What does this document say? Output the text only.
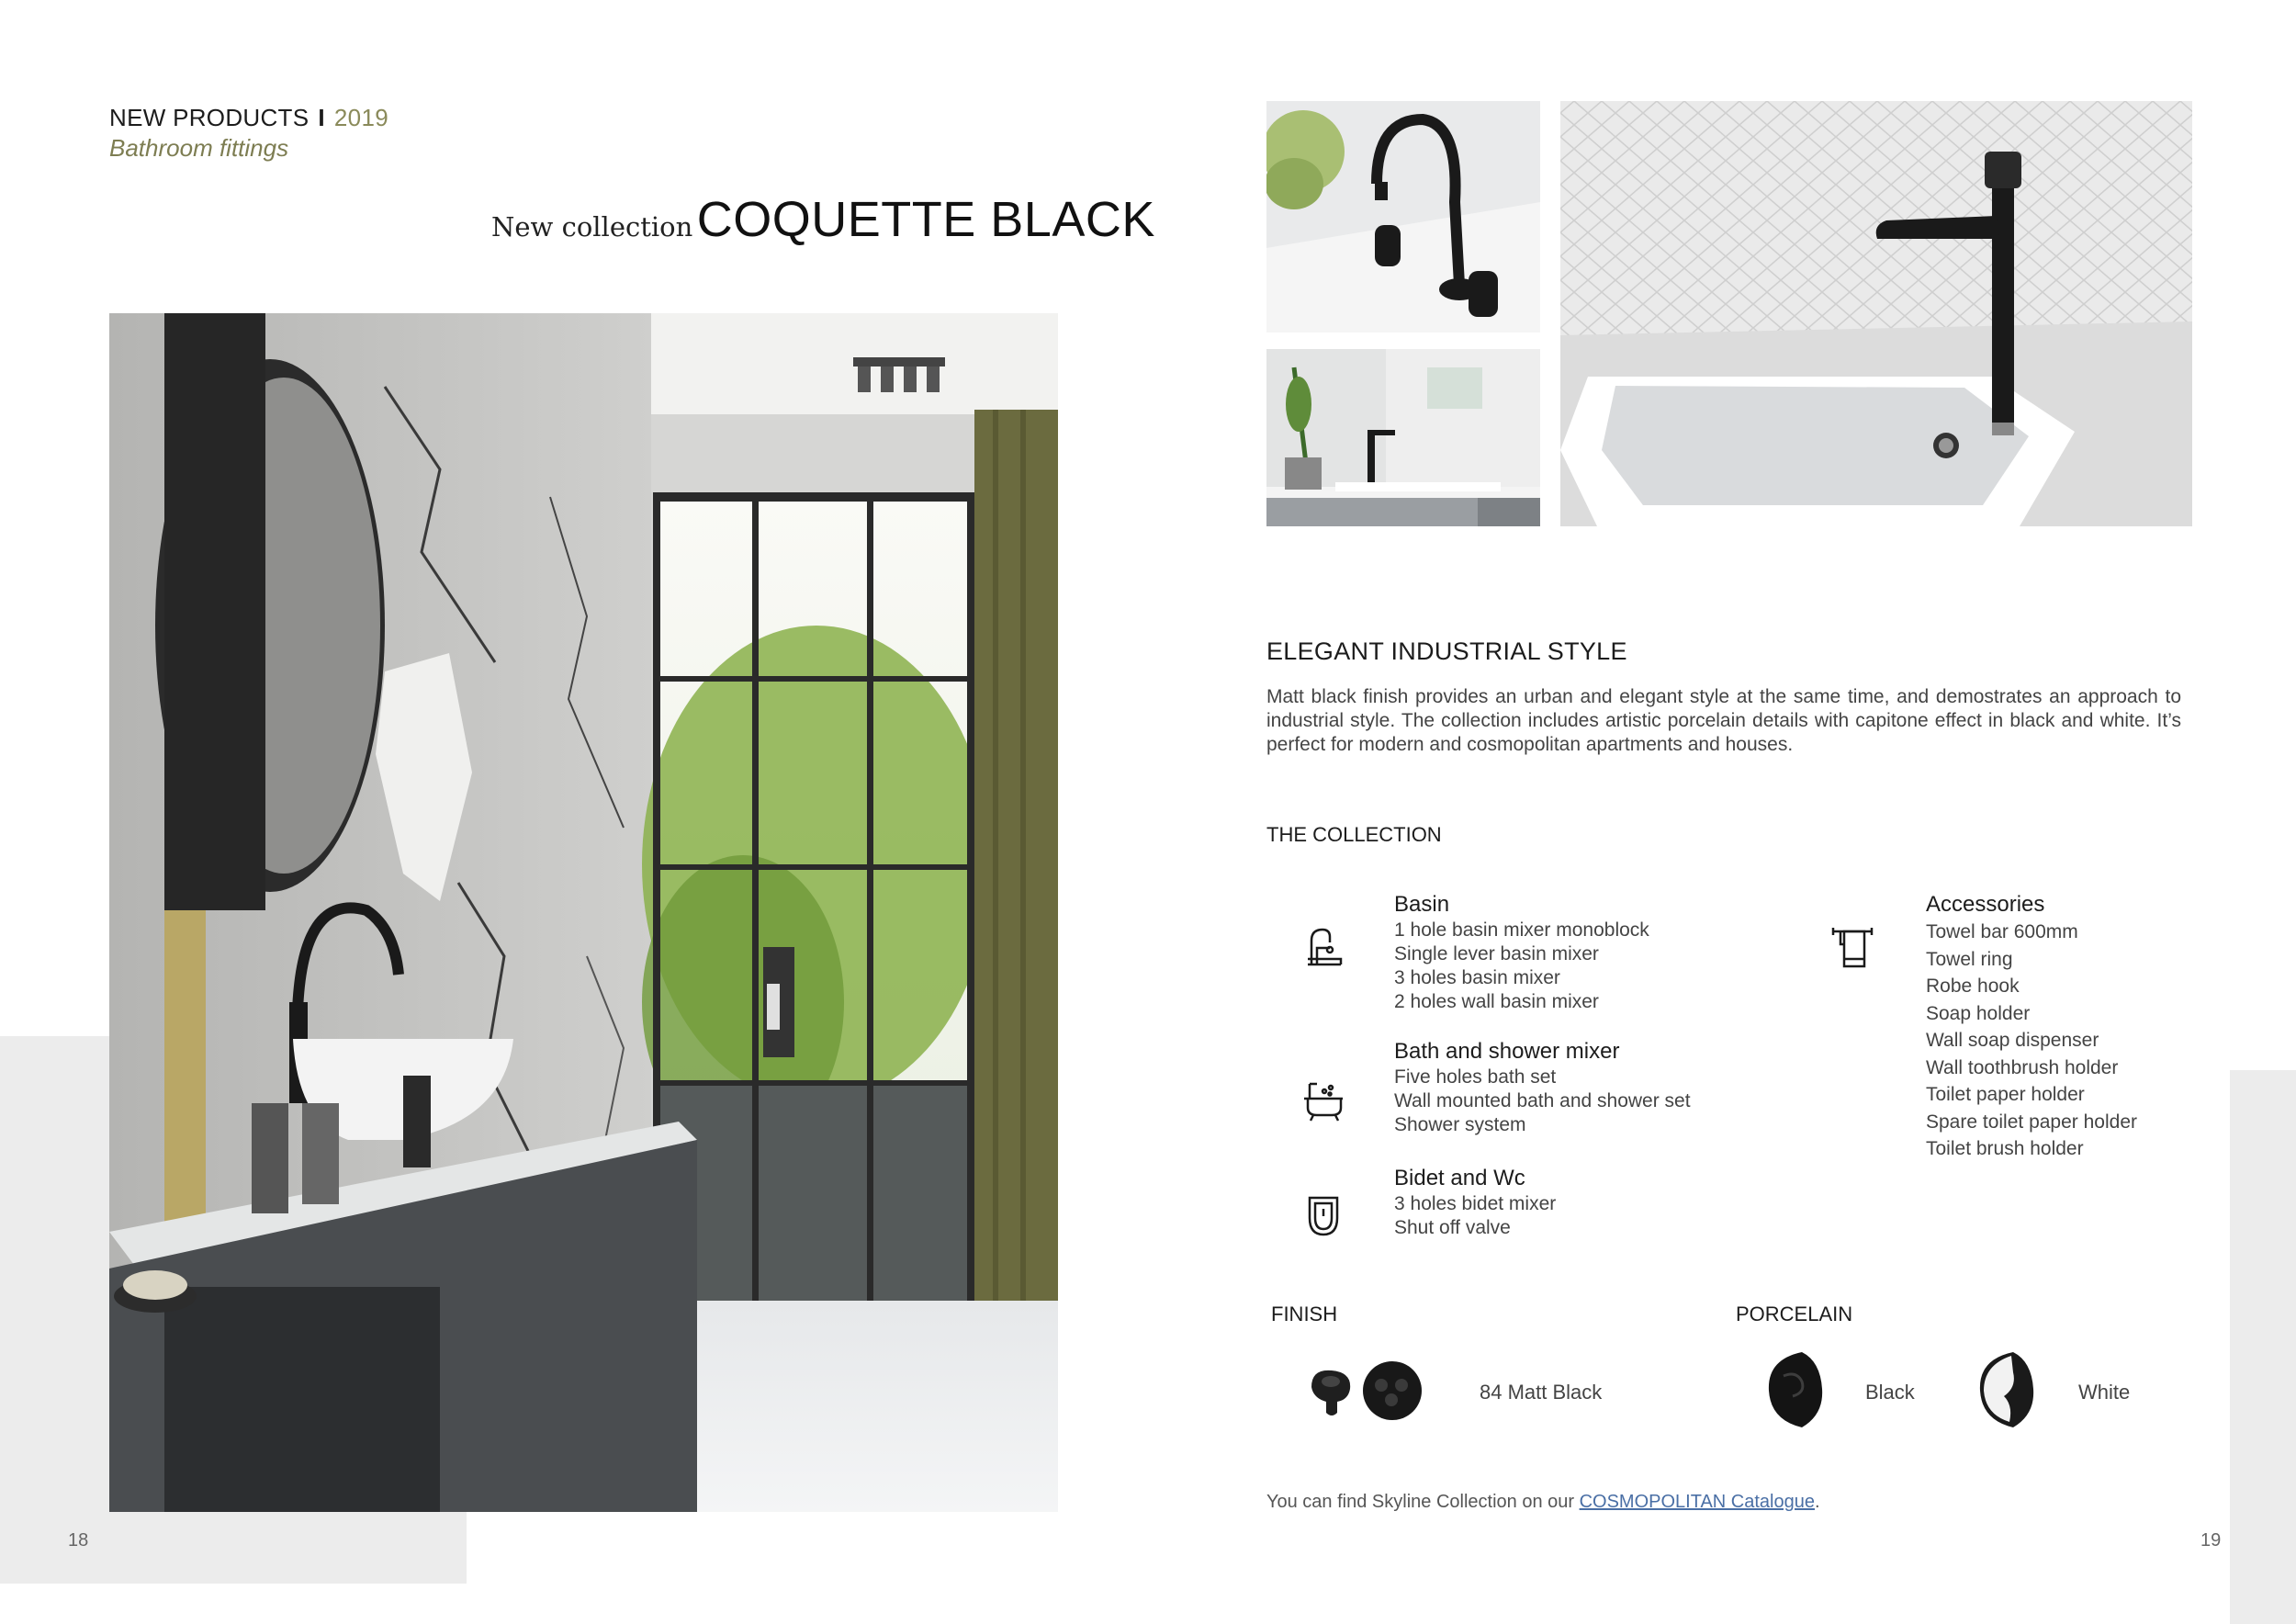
NEW PRODUCTS I 2019
Bathroom fittings
New collection COQUETTE BLACK
ELEGANT INDUSTRIAL STYLE
Matt black finish provides an urban and elegant style at the same time, and demostrates an approach to industrial style. The collection includes artistic porcelain details with capitone effect in black and white. It’s perfect for modern and cosmopolitan apartments and houses.
THE COLLECTION
Basin
1 hole basin mixer monoblock
Single lever basin mixer
3 holes basin mixer
2 holes wall basin mixer
Bath and shower mixer
Five holes bath set
Wall mounted bath and shower set
Shower system
Bidet and Wc
3 holes bidet mixer
Shut off valve
Accessories
Towel bar 600mm
Towel ring
Robe hook
Soap holder
Wall soap dispenser
Wall toothbrush holder
Toilet paper holder
Spare toilet paper holder
Toilet brush holder
FINISH
84 Matt Black
PORCELAIN
Black	White
You can find Skyline Collection on our COSMOPOLITAN Catalogue.
18	19
